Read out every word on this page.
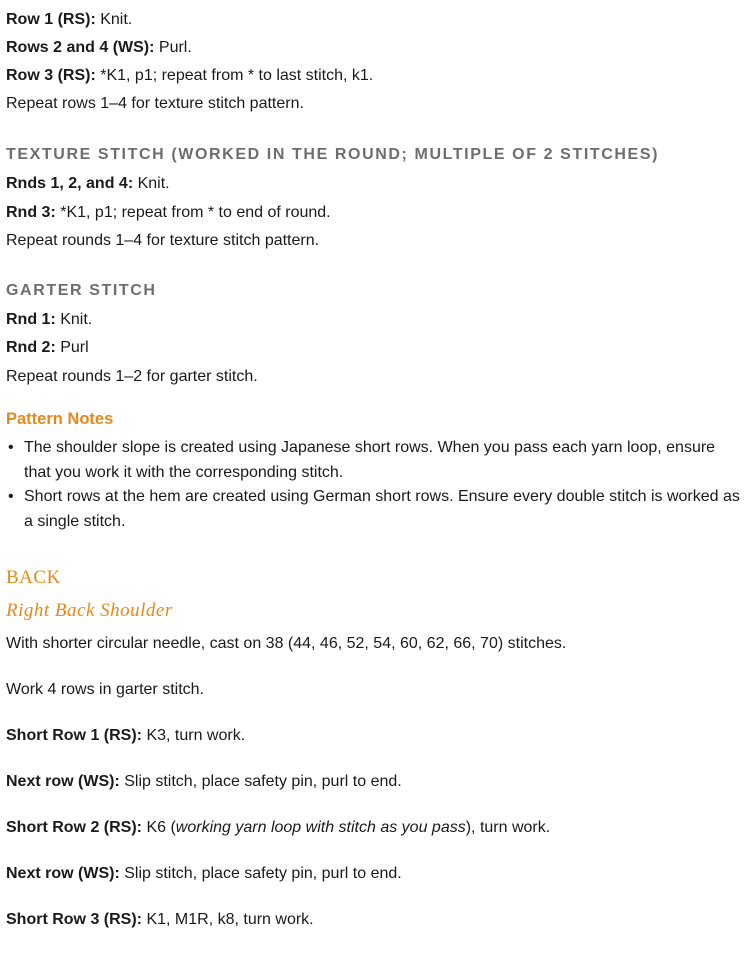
Row 1 (RS): Knit.

Rows 2 and 4 (WS): Purl.

Row 3 (RS): *K1, p1; repeat from * to last stitch, k1.

Repeat rows 1–4 for texture stitch pattern.

TEXTURE STITCH (WORKED IN THE ROUND; MULTIPLE OF 2 STITCHES)

Rnds 1, 2, and 4: Knit.

Rnd 3: *K1, p1; repeat from * to end of round.

Repeat rounds 1–4 for texture stitch pattern.

GARTER STITCH

Rnd 1: Knit.

Rnd 2: Purl

Repeat rounds 1–2 for garter stitch.

Pattern Notes

• The shoulder slope is created using Japanese short rows. When you pass each yarn loop, ensure that you work it with the corresponding stitch.
• Short rows at the hem are created using German short rows. Ensure every double stitch is worked as a single stitch.

BACK

Right Back Shoulder

With shorter circular needle, cast on 38 (44, 46, 52, 54, 60, 62, 66, 70) stitches.

Work 4 rows in garter stitch.

Short Row 1 (RS): K3, turn work.

Next row (WS): Slip stitch, place safety pin, purl to end.

Short Row 2 (RS): K6 (working yarn loop with stitch as you pass), turn work.

Next row (WS): Slip stitch, place safety pin, purl to end.

Short Row 3 (RS): K1, M1R, k8, turn work.
